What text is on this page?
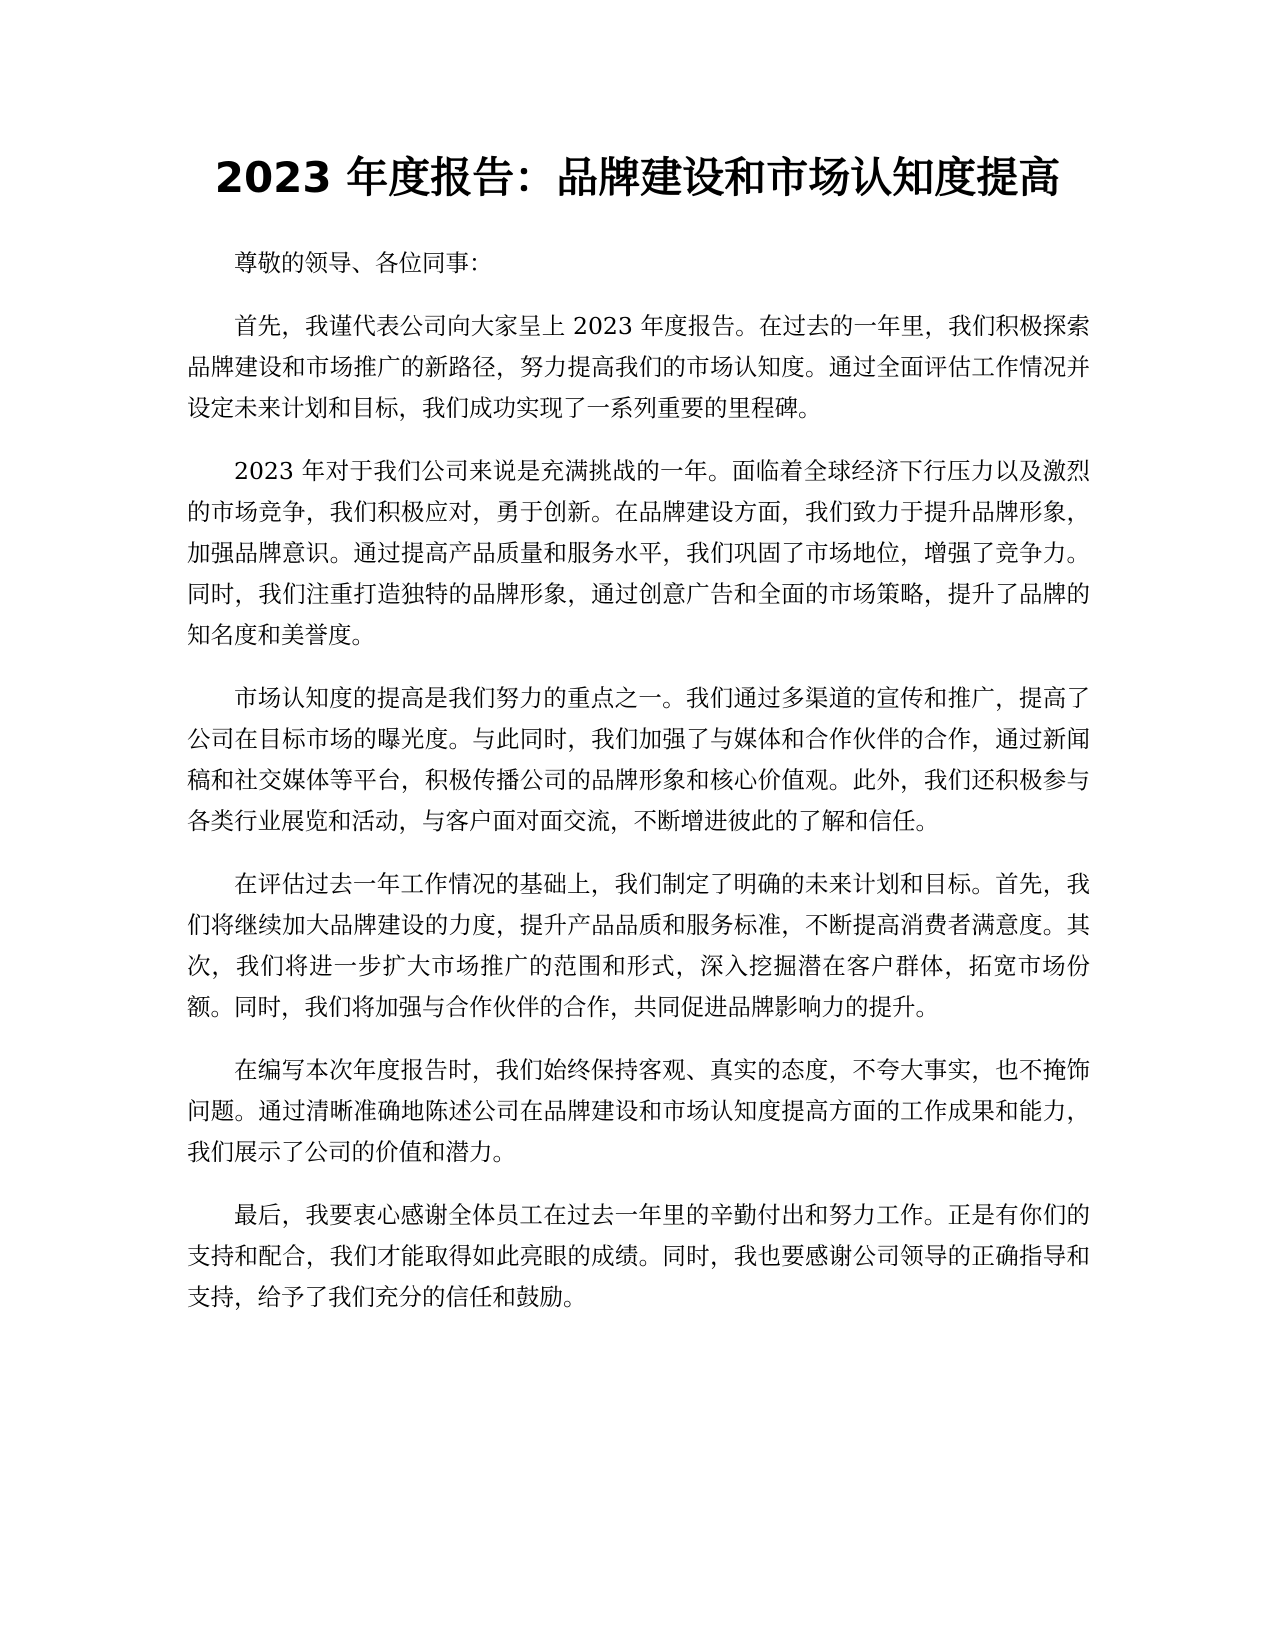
2023 年度报告：品牌建设和市场认知度提高

尊敬的领导、各位同事：

首先，我谨代表公司向大家呈上 2023 年度报告。在过去的一年里，我们积极探索品牌建设和市场推广的新路径，努力提高我们的市场认知度。通过全面评估工作情况并设定未来计划和目标，我们成功实现了一系列重要的里程碑。

2023 年对于我们公司来说是充满挑战的一年。面临着全球经济下行压力以及激烈的市场竞争，我们积极应对，勇于创新。在品牌建设方面，我们致力于提升品牌形象，加强品牌意识。通过提高产品质量和服务水平，我们巩固了市场地位，增强了竞争力。同时，我们注重打造独特的品牌形象，通过创意广告和全面的市场策略，提升了品牌的知名度和美誉度。

市场认知度的提高是我们努力的重点之一。我们通过多渠道的宣传和推广，提高了公司在目标市场的曝光度。与此同时，我们加强了与媒体和合作伙伴的合作，通过新闻稿和社交媒体等平台，积极传播公司的品牌形象和核心价值观。此外，我们还积极参与各类行业展览和活动，与客户面对面交流，不断增进彼此的了解和信任。

在评估过去一年工作情况的基础上，我们制定了明确的未来计划和目标。首先，我们将继续加大品牌建设的力度，提升产品品质和服务标准，不断提高消费者满意度。其次，我们将进一步扩大市场推广的范围和形式，深入挖掘潜在客户群体，拓宽市场份额。同时，我们将加强与合作伙伴的合作，共同促进品牌影响力的提升。

在编写本次年度报告时，我们始终保持客观、真实的态度，不夸大事实，也不掩饰问题。通过清晰准确地陈述公司在品牌建设和市场认知度提高方面的工作成果和能力，我们展示了公司的价值和潜力。

最后，我要衷心感谢全体员工在过去一年里的辛勤付出和努力工作。正是有你们的支持和配合，我们才能取得如此亮眼的成绩。同时，我也要感谢公司领导的正确指导和支持，给予了我们充分的信任和鼓励。
